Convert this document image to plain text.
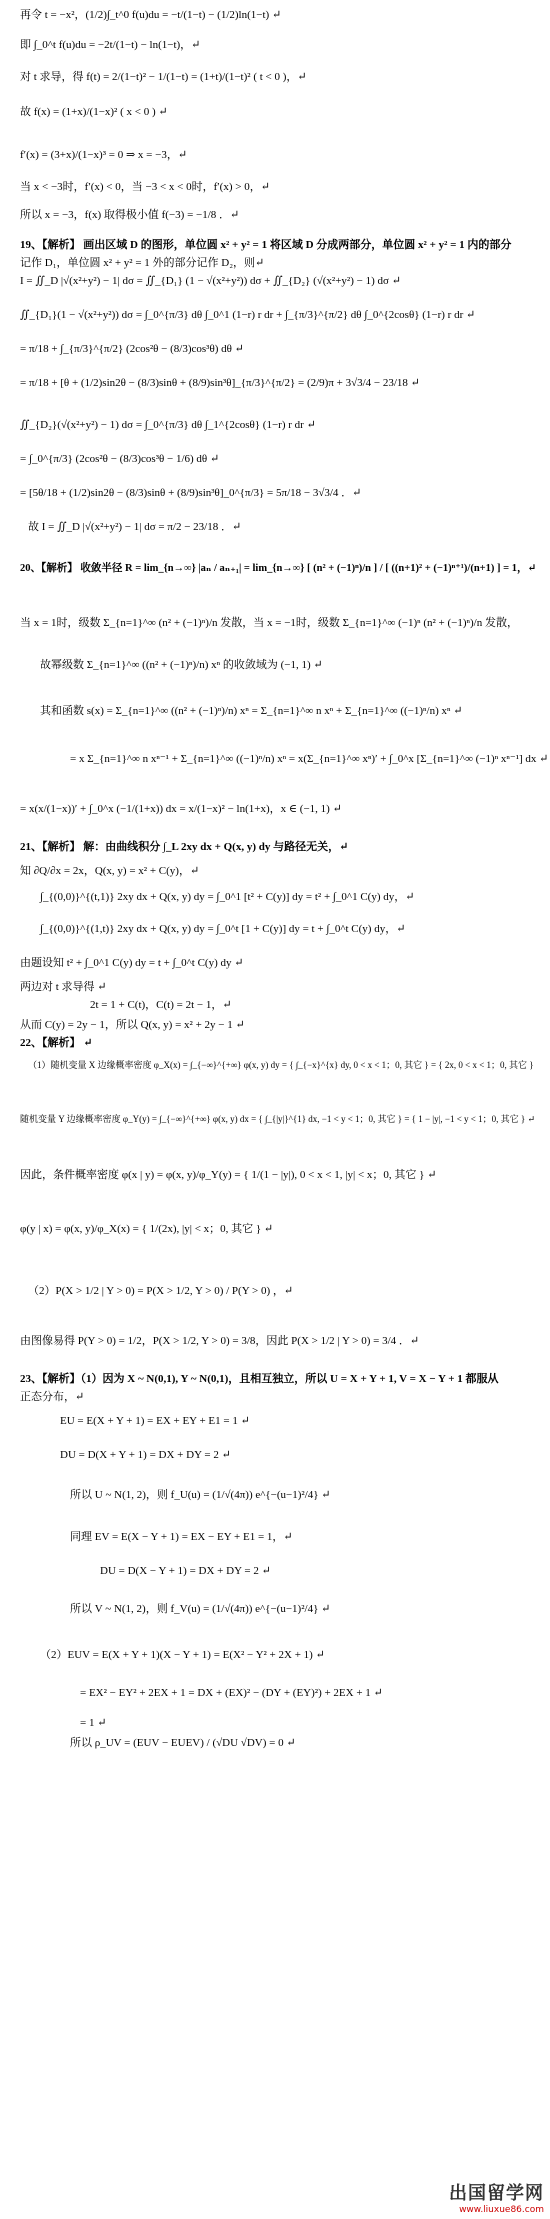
再令 t = −x²，(1/2)∫_t^0 f(u)du = −t/(1−t) − (1/2)ln(1−t) ↵
即 ∫_0^t f(u)du = −2t/(1−t) − ln(1−t)，↵
对 t 求导，得 f(t) = 2/(1−t)² − 1/(1−t) = (1+t)/(1−t)² ( t < 0 )，↵
故 f(x) = (1+x)/(1−x)² ( x < 0 ) ↵
f′(x) = (3+x)/(1−x)³ = 0 ⇒ x = −3，↵
当 x < −3时，f′(x) < 0，当 −3 < x < 0时，f′(x) > 0，↵
所以 x = −3，f(x) 取得极小值 f(−3) = −1/8 ．↵
19、【解析】 画出区域 D 的图形，单位圆 x² + y² = 1 将区域 D 分成两部分，单位圆 x² + y² = 1 内的部分
记作 D₁，单位圆 x² + y² = 1 外的部分记作 D₂，则↵
I = ∬_D |√(x²+y²) − 1| dσ = ∬_{D₁} (1 − √(x²+y²)) dσ + ∬_{D₂} (√(x²+y²) − 1) dσ ↵
∬_{D₁}(1 − √(x²+y²)) dσ = ∫_0^{π/3} dθ ∫_0^1 (1−r) r dr + ∫_{π/3}^{π/2} dθ ∫_0^{2cosθ} (1−r) r dr ↵
= π/18 + ∫_{π/3}^{π/2} (2cos²θ − (8/3)cos³θ) dθ ↵
= π/18 + [θ + (1/2)sin2θ − (8/3)sinθ + (8/9)sin³θ]_{π/3}^{π/2} = (2/9)π + 3√3/4 − 23/18 ↵
∬_{D₂}(√(x²+y²) − 1) dσ = ∫_0^{π/3} dθ ∫_1^{2cosθ} (1−r) r dr ↵
= ∫_0^{π/3} (2cos²θ − (8/3)cos³θ − 1/6) dθ ↵
= [5θ/18 + (1/2)sin2θ − (8/3)sinθ + (8/9)sin³θ]_0^{π/3} = 5π/18 − 3√3/4 ．↵
故 I = ∬_D |√(x²+y²) − 1| dσ = π/2 − 23/18 ．↵
20、【解析】 收敛半径 R = lim_{n→∞} |aₙ / aₙ₊₁| = lim_{n→∞} [ (n² + (−1)ⁿ)/n ] / [ ((n+1)² + (−1)ⁿ⁺¹)/(n+1) ] = 1，↵
当 x = 1时，级数 Σ_{n=1}^∞ (n² + (−1)ⁿ)/n 发散，当 x = −1时，级数 Σ_{n=1}^∞ (−1)ⁿ (n² + (−1)ⁿ)/n 发散，
故幂级数 Σ_{n=1}^∞ ((n² + (−1)ⁿ)/n) xⁿ 的收敛域为 (−1, 1) ↵
其和函数 s(x) = Σ_{n=1}^∞ ((n² + (−1)ⁿ)/n) xⁿ = Σ_{n=1}^∞ n xⁿ + Σ_{n=1}^∞ ((−1)ⁿ/n) xⁿ ↵
= x Σ_{n=1}^∞ n xⁿ⁻¹ + Σ_{n=1}^∞ ((−1)ⁿ/n) xⁿ = x(Σ_{n=1}^∞ xⁿ)′ + ∫_0^x [Σ_{n=1}^∞ (−1)ⁿ xⁿ⁻¹] dx ↵
= x(x/(1−x))′ + ∫_0^x (−1/(1+x)) dx = x/(1−x)² − ln(1+x)，x ∈ (−1, 1) ↵
21、【解析】 解：由曲线积分 ∫_L 2xy dx + Q(x, y) dy 与路径无关，↵
知 ∂Q/∂x = 2x，Q(x, y) = x² + C(y)，↵
∫_{(0,0)}^{(t,1)} 2xy dx + Q(x, y) dy = ∫_0^1 [t² + C(y)] dy = t² + ∫_0^1 C(y) dy，↵
∫_{(0,0)}^{(1,t)} 2xy dx + Q(x, y) dy = ∫_0^t [1 + C(y)] dy = t + ∫_0^t C(y) dy，↵
由题设知 t² + ∫_0^1 C(y) dy = t + ∫_0^t C(y) dy ↵
两边对 t 求导得 ↵
2t = 1 + C(t)，C(t) = 2t − 1，↵
从而 C(y) = 2y − 1，所以 Q(x, y) = x² + 2y − 1 ↵
22、【解析】 ↵
（1）随机变量 X 边缘概率密度 φ_X(x) = ∫_{−∞}^{+∞} φ(x, y) dy = { ∫_{−x}^{x} dy, 0 < x < 1；0, 其它 } = { 2x, 0 < x < 1；0, 其它 }
随机变量 Y 边缘概率密度 φ_Y(y) = ∫_{−∞}^{+∞} φ(x, y) dx = { ∫_{|y|}^{1} dx, −1 < y < 1；0, 其它 } = { 1 − |y|, −1 < y < 1；0, 其它 } ↵
因此，条件概率密度 φ(x | y) = φ(x, y)/φ_Y(y) = { 1/(1 − |y|), 0 < x < 1, |y| < x；0, 其它 } ↵
φ(y | x) = φ(x, y)/φ_X(x) = { 1/(2x), |y| < x；0, 其它 } ↵
（2）P(X > 1/2 | Y > 0) = P(X > 1/2, Y > 0) / P(Y > 0) ，↵
由图像易得 P(Y > 0) = 1/2，P(X > 1/2, Y > 0) = 3/8，因此 P(X > 1/2 | Y > 0) = 3/4 ．↵
23、【解析】（1）因为 X ~ N(0,1), Y ~ N(0,1)，且相互独立，所以 U = X + Y + 1, V = X − Y + 1 都服从
正态分布，↵
EU = E(X + Y + 1) = EX + EY + E1 = 1 ↵
DU = D(X + Y + 1) = DX + DY = 2 ↵
所以 U ~ N(1, 2)，则 f_U(u) = (1/√(4π)) e^{−(u−1)²/4} ↵
同理 EV = E(X − Y + 1) = EX − EY + E1 = 1，↵
DU = D(X − Y + 1) = DX + DY = 2 ↵
所以 V ~ N(1, 2)，则 f_V(u) = (1/√(4π)) e^{−(u−1)²/4} ↵
（2）EUV = E(X + Y + 1)(X − Y + 1) = E(X² − Y² + 2X + 1) ↵
= EX² − EY² + 2EX + 1 = DX + (EX)² − (DY + (EY)²) + 2EX + 1 ↵
= 1 ↵
所以 ρ_UV = (EUV − EUEV) / (√DU √DV) = 0 ↵
出国留学网
www.liuxue86.com
